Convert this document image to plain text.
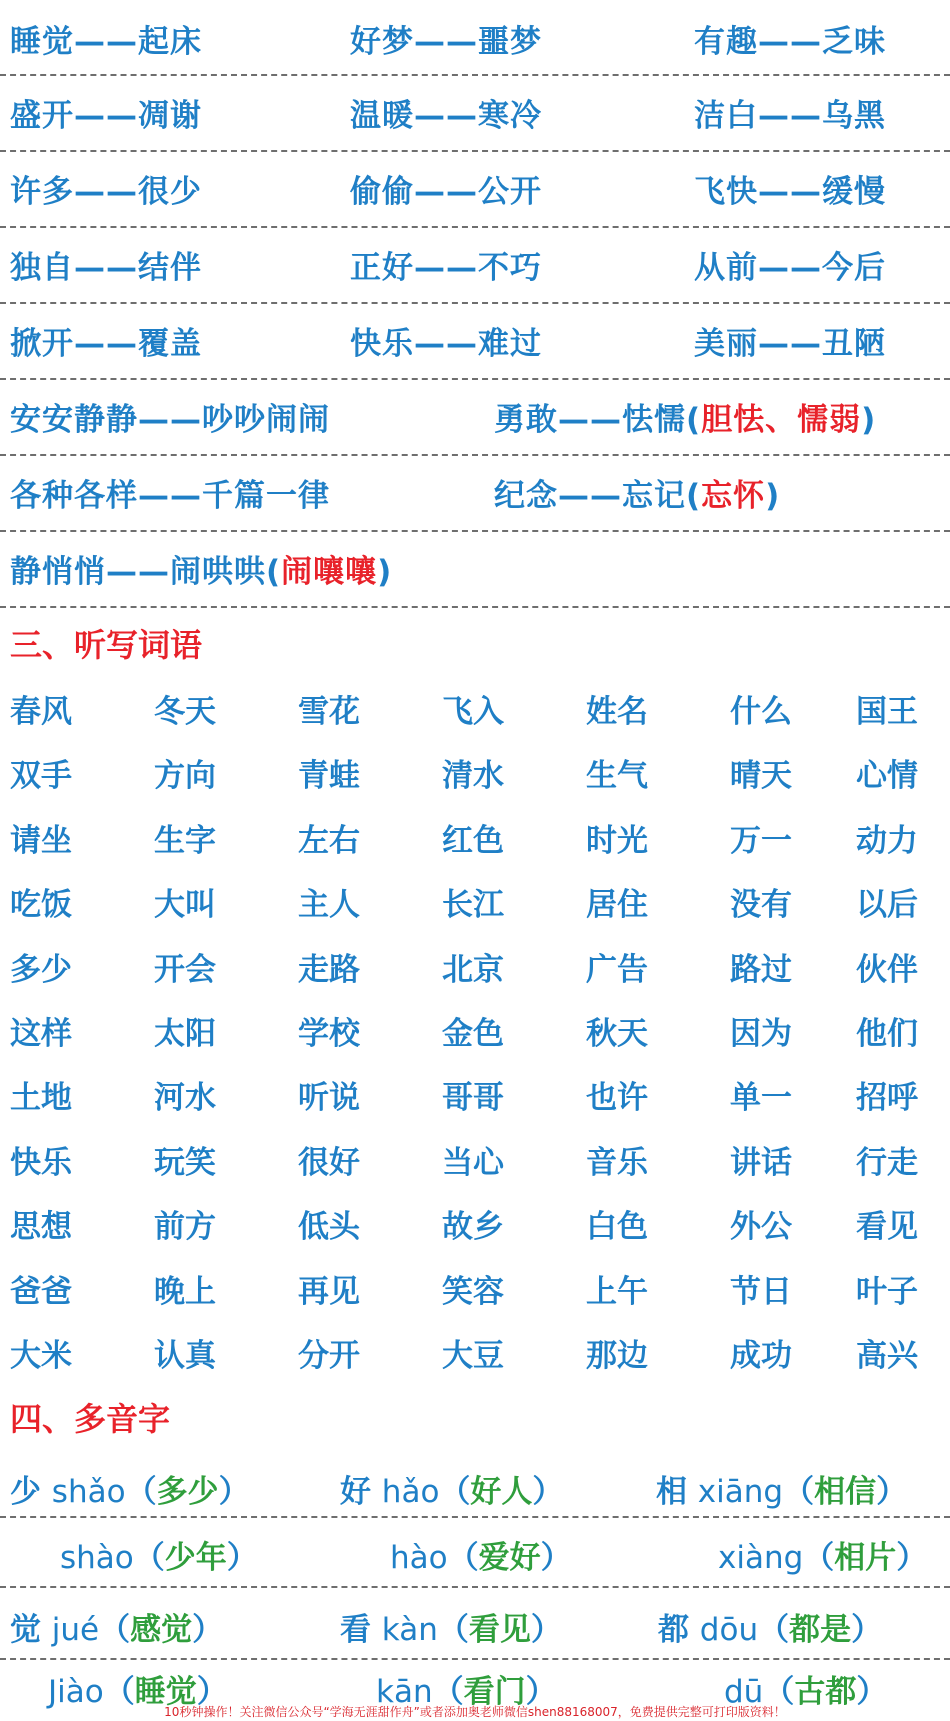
睡觉——起床	好梦——噩梦	有趣——乏味
盛开——凋谢	温暖——寒冷	洁白——乌黑
许多——很少	偷偷——公开	飞快——缓慢
独自——结伴	正好——不巧	从前——今后
掀开——覆盖	快乐——难过	美丽——丑陋
安安静静——吵吵闹闹	勇敢——怯懦(胆怯、懦弱)
各种各样——千篇一律	纪念——忘记(忘怀)
静悄悄——闹哄哄(闹嚷嚷)
三、听写词语
春风	冬天	雪花	飞入	姓名	什么 国王
双手	方向	青蛙	清水	生气	晴天 心情
请坐	生字	左右	红色	时光	万一 动力
吃饭	大叫	主人	长江	居住	没有 以后
多少	开会	走路	北京	广告	路过 伙伴
这样	太阳	学校	金色	秋天	因为 他们
土地	河水	听说	哥哥	也许	单一 招呼
快乐	玩笑	很好	当心	音乐	讲话 行走
思想	前方	低头	故乡	白色	外公 看见
爸爸	晚上	再见	笑容	上午	节日 叶子
大米	认真	分开	大豆	那边	成功 高兴
四、多音字
少 shǎo（多少）	好 hǎo（好人）	相 xiāng（相信）
shào（少年）	hào（爱好）	xiàng（相片）
觉 jué（感觉）	看 kàn（看见）	都 dōu（都是）
Jiào（睡觉）	kān（看门）	dū（古都）
10秒钟操作！关注微信公众号“学海无涯甜作舟”或者添加奥老师微信shen88168007，免费提供完整可打印版资料！
